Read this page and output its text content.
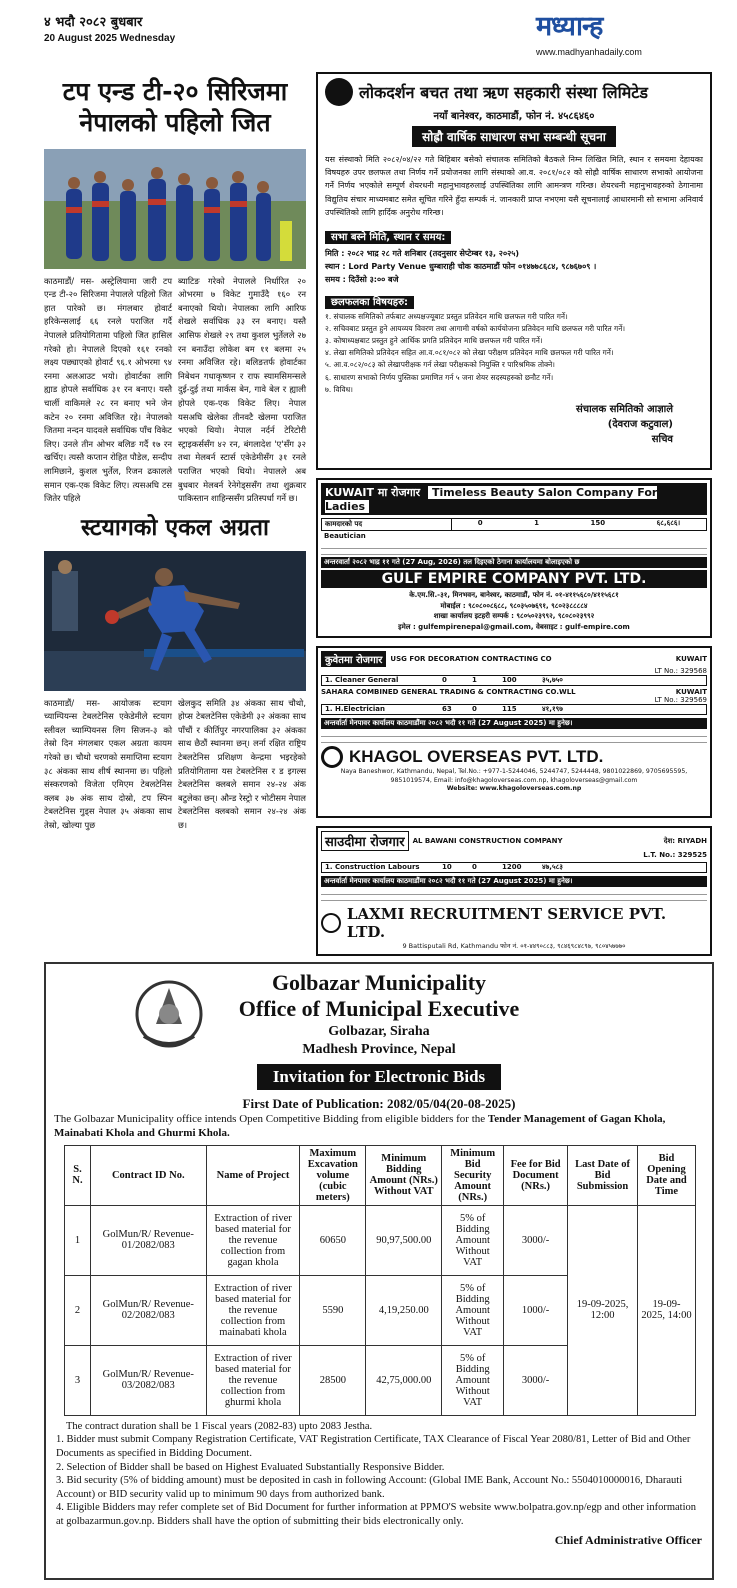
४ भदौ २०८२ बुधबार
20 August 2025 Wednesday	मध्यान्ह
www.madhyanhadaily.com
टप एन्ड टी-२० सिरिजमा
नेपालको पहिलो जित
काठमाडौं/ मस- अस्ट्रेलियामा जारी टप एन्ड टी-२० सिरिजमा नेपालले पहिलो जित हात पारेको छ। मंगलबार होवार्ट हरिकेन्सलाई ६६ रनले पराजित गर्दै नेपालले प्रतियोगितामा पहिलो जित हासिल गरेको हो। नेपालले दिएको १६१ रनको लक्ष्य पछ्याएको होवार्ट ९६.१ ओभरमा ९४ रनमा अलआउट भयो। होवार्टका लागि ह्याड होपले सर्वाधिक ३१ रन बनाए। यस्तै चार्ली वाकिमले २८ रन बनाए भने जेन कटेन २० रनमा अविजित रहे। नेपालको जितमा नन्दन यादवले सर्वाधिक पाँच विकेट लिए। उनले तीन ओभर बलिङ गर्दै १७ रन खर्चिए। त्यस्तै कप्तान रोहित पौडेल, सन्दीप लामिछाने, कुशल भुर्तेल, रिजन ढकालले समान एक-एक विकेट लिए। त्यसअघि टस जितेर पहिले
ब्याटिङ गरेको नेपालले निर्धारित २० ओभरमा ७ विकेट गुमाउँदै १६० रन बनाएको थियो। नेपालका लागि आरिफ शेखले सर्वाधिक ३३ रन बनाए। यस्तै आसिफ शेखले २९ तथा कुशल भुर्तेलले २७ रन बनाउँदा लोकेश बम ११ बलमा २५ रनमा अविजित रहे। बलिङतर्फ होवार्टका निबेथन गधाकृष्णन र राफ स्यामसिमन्सले दुई-दुई तथा मार्कस बेन, गावे बेल र ह्याली होपले एक-एक विकेट लिए। नेपाल यसअघि खेलेका तीनवटै खेलमा पराजित भएको थियो। नेपाल नर्दर्न टेरिटोरी स्ट्राइकर्ससँग ४२ रन, बंगलादेश 'ए'सँग ३२ तथा मेलबर्न स्टार्स एकेडेमीसँग ३१ रनले पराजित भएको थियो। नेपालले अब बुधबार मेलबर्न रेनेगेड्ससँग तथा शुक्रबार पाकिस्तान शाहिन्ससँग प्रतिस्पर्धा गर्ने छ।
स्टयागको एकल अग्रता
काठमाडौं/ मस- आयोजक स्टयाग च्याम्पियन्स टेबलटेनिस एकेडेमीले स्टयाग स्लीवल च्याम्पियनस लिग सिजन-३ को तेस्रो दिन मंगलबार एकल अग्रता कायम गरेको छ। चौथो चरणको समाप्तिमा स्टयाग ३८ अंकका साथ शीर्ष स्थानमा छ। पहिलो संस्करणको विजेता एमिएम टेबलटेनिस क्लब ३७ अंक साथ दोस्रो, टप स्पिन टेबलटेनिस गुड्स नेपाल ३५ अंकका साथ तेस्रो, खोल्या पुछ
खेलकुद समिति ३४ अंकका साथ चौथो, होप्स टेबलटेनिस एकेडेमी ३२ अंकका साथ पाँचौं र कीर्तिपुर नगरपालिका ३२ अंकका साथ छैठौं स्थानमा छन्। लर्ना रक्षित राष्ट्रिय टेबलटेनिस प्रशिक्षण केन्द्रमा भइरहेको प्रतियोगितामा यस टेबलटेनिस र ड इगल्स टेबलटेनिस क्लबले समान २४-२४ अंक बटुलेका छन्। औन्ड रेस्ट्रो र भोटीसम नेपाल टेबलटेनिस क्लबको समान २४-२४ अंक छ।
लोकदर्शन बचत तथा ऋण सहकारी संस्था लिमिटेड
नयाँ बानेश्वर, काठमाडौं, फोन नं. ४५८६४६०
सोह्रौ वार्षिक साधारण सभा सम्बन्धी सूचना
यस संस्थाको मिति २०८२/०४/२२ गते बिहिबार बसेको संचालक समितिको बैठकले निम्न लिखित मिति, स्थान र समयमा देहायका विषयहरु उपर छलफल तथा निर्णय गर्ने प्रयोजनका लागि संस्थाको आ.व. २०८१/०८२ को सोह्रौ वार्षिक साधारण सभाको आयोजना गर्ने निर्णय भएकोले सम्पूर्ण शेयरधनी महानुभावहरुलाई उपस्थितिका लागि आमन्त्रण गरिन्छ। शेयरधनी महानुभावहरुको ठेगानामा विद्युतिय संचार माध्यमबाट समेत सूचित गरिने हुँदा सम्पर्क नं. जानकारी प्राप्त नभएमा यसै सूचनालाई आधारमानी सो सभामा अनिवार्य उपस्थितिको लागि हार्दिक अनुरोध गरिन्छ।
सभा बस्ने मिति, स्थान र समय:
मिति : २०८२ भाद्र २८ गते शनिबार (तदनुसार सेप्टेम्बर १३, २०२५)
स्थान : Lord Party Venue धुम्बाराही चोक काठमाडौं फोन ०१४७७८६८४, ९८७६७०९ ।
समय : दिउँसो ३:०० बजे
छलफलका विषयहरु:
१. संचालक समितिको तर्फबाट अध्यक्षज्यूबाट प्रस्तुत प्रतिवेदन माथि छलफल गरी पारित गर्ने।
२. सचिवबाट प्रस्तुत हुने आयव्यय विवरण तथा आगामी वर्षको कार्ययोजना प्रतिवेदन माथि छलफल गरी पारित गर्ने।
३. कोषाध्यक्षबाट प्रस्तुत हुने आर्थिक प्रगति प्रतिवेदन माथि छलफल गरी पारित गर्ने।
४. लेखा समितिको प्रतिवेदन सहित आ.व.०८१/०८२ को लेखा परीक्षण प्रतिवेदन माथि छलफल गरी पारित गर्ने।
५. आ.व.०८२/०८३ को लेखापरीक्षक गर्न लेखा परीक्षकको नियुक्ति र पारिश्रमिक तोक्ने।
६. साधारण सभाको निर्णय पुस्तिका प्रमाणित गर्न ५ जना शेयर सदस्यहरुको छनौट गर्ने।
७. विविध।
संचालक समितिको आज्ञाले
(देवराज कटुवाल)
सचिव
KUWAIT मा रोजगार Timeless Beauty Salon Company For Ladies
कामदारको पद	0	1	150	६८,६८६।
Beautician
अन्तरवार्ता २०८२ भाद्र ११ गते (27 Aug, 2026) तल दिइएको ठेगाना कार्यालयमा बोलाइएको छ
GULF EMPIRE COMPANY PVT. LTD.
के.एम.सि.-३१, मिनभवन, बानेश्वर, काठमाडौं, फोन नं. ०१-४११५६८०/४११५६८१
मोबाईल : ९८०८००८६८८, ९८०३५०७६९१, ९८०२३८८८८४
शाखा कार्यालय इटहरी सम्पर्क : ९८०५०२३९९२, ९८०८०२३९९२
इमेल : gulfempirenepal@gmail.com, वेबसाइट : gulf-empire.com
कुवेतमा रोजगार	USG FOR DECORATION CONTRACTING CO	KUWAIT
LT No.: 329568
1. Cleaner General	0	1	100	३५,७५०
SAHARA COMBINED GENERAL TRADING & CONTRACTING CO.WLL	KUWAIT
LT No.: 329569
1. H.Electrician	63	0	115	४१,१९७
अन्तर्वार्ता मेनपावर कार्यालय काठमाडौंमा २०८२ भदौ ११ गते (27 August 2025) मा हुनेछ।
KHAGOL OVERSEAS PVT. LTD.
Naya Baneshwor, Kathmandu, Nepal, Tel.No.: +977-1-5244046, 5244747, 5244448, 9801022869, 9705695595, 9851019574, Email: info@khagoloverseas.com.np, khagoloverseas@gmail.com
Website: www.khagoloverseas.com.np
साउदीमा रोजगार	AL BAWANI CONSTRUCTION COMPANY	देश: RIYADH
L.T. No.: 329525
1. Construction Labours	10	0	1200	४७,५८३
अन्तर्वार्ता मेनपावर कार्यालय काठमाडौंमा २०८२ भदौ ११ गते (27 August 2025) मा हुनेछ।
LAXMI RECRUITMENT SERVICE PVT. LTD.
9 Battisputali Rd, Kathmandu फोन नं. ०१-४४९०८८३, ९८४६९८४८९७, ९८०४५७७७०
Golbazar Municipality
Office of Municipal Executive
Golbazar, Siraha
Madhesh Province, Nepal
Invitation for Electronic Bids
First Date of Publication: 2082/05/04(20-08-2025)
The Golbazar Municipality office intends Open Competitive Bidding from eligible bidders for the Tender Management of Gagan Khola, Mainabati Khola and Ghurmi Khola.
S. N.	Contract ID No.	Name of Project	Maximum Excavation volume (cubic meters)	Minimum Bidding Amount (NRs.) Without VAT	Minimum Bid Security Amount (NRs.)	Fee for Bid Document (NRs.)	Last Date of Bid Submission	Bid Opening Date and Time
1	GolMun/R/ Revenue-01/2082/083	Extraction of river based material for the revenue collection from gagan khola	60650	90,97,500.00	5% of Bidding Amount Without VAT	3000/-	19-09-2025, 12:00	19-09-2025, 14:00
2	GolMun/R/ Revenue-02/2082/083	Extraction of river based material for the revenue collection from mainabati khola	5590	4,19,250.00	5% of Bidding Amount Without VAT	1000/-		
3	GolMun/R/ Revenue-03/2082/083	Extraction of river based material for the revenue collection from ghurmi khola	28500	42,75,000.00	5% of Bidding Amount Without VAT	3000/-		
The contract duration shall be 1 Fiscal years (2082-83) upto 2083 Jestha.
1. Bidder must submit Company Registration Certificate, VAT Registration Certificate, TAX Clearance of Fiscal Year 2080/81, Letter of Bid and Other Documents as specified in Bidding Document.
2. Selection of Bidder shall be based on Highest Evaluated Substantially Responsive Bidder.
3. Bid security (5% of bidding amount) must be deposited in cash in following Account: (Global IME Bank, Account No.: 5504010000016, Dharauti Account) or BID security valid up to minimum 90 days from authorized bank.
4. Eligible Bidders may refer complete set of Bid Document for further information at PPMO'S website www.bolpatra.gov.np/egp and other information at golbazarmun.gov.np. Bidders shall have the option of submitting their bids electronically only.
Chief Administrative Officer
